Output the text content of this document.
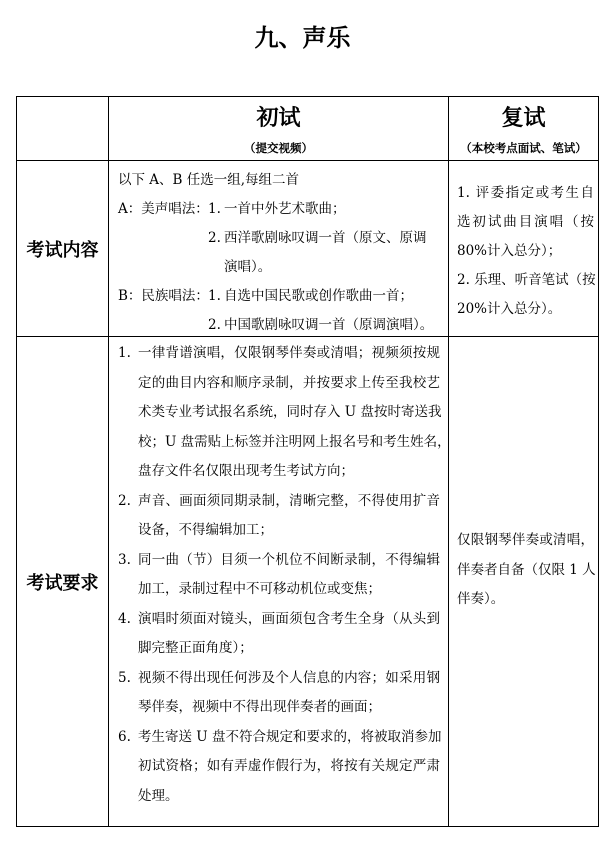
九、声乐
初试
（提交视频）
复试
（本校考点面试、笔试）
考试内容
以下 A、B 任选一组,每组二首
A：美声唱法： 1. 一首中外艺术歌曲；
2. 西洋歌剧咏叹调一首（原文、原调
演唱）。
B：民族唱法： 1. 自选中国民歌或创作歌曲一首；
2. 中国歌剧咏叹调一首（原调演唱）。
1. 评委指定或考生自
选初试曲目演唱（按
80%计入总分）；
2. 乐理、听音笔试（按
20%计入总分）。
考试要求
1. 一律背谱演唱，仅限钢琴伴奏或清唱；视频须按规
定的曲目内容和顺序录制，并按要求上传至我校艺
术类专业考试报名系统，同时存入 U 盘按时寄送我
校；U 盘需贴上标签并注明网上报名号和考生姓名，
盘存文件名仅限出现考生考试方向；
2. 声音、画面须同期录制，清晰完整，不得使用扩音
设备，不得编辑加工；
3. 同一曲（节）目须一个机位不间断录制，不得编辑
加工，录制过程中不可移动机位或变焦；
4. 演唱时须面对镜头，画面须包含考生全身（从头到
脚完整正面角度）；
5. 视频不得出现任何涉及个人信息的内容；如采用钢
琴伴奏，视频中不得出现伴奏者的画面；
6. 考生寄送 U 盘不符合规定和要求的，将被取消参加
初试资格；如有弄虚作假行为，将按有关规定严肃
处理。
仅限钢琴伴奏或清唱，
伴奏者自备（仅限 1 人
伴奏）。
